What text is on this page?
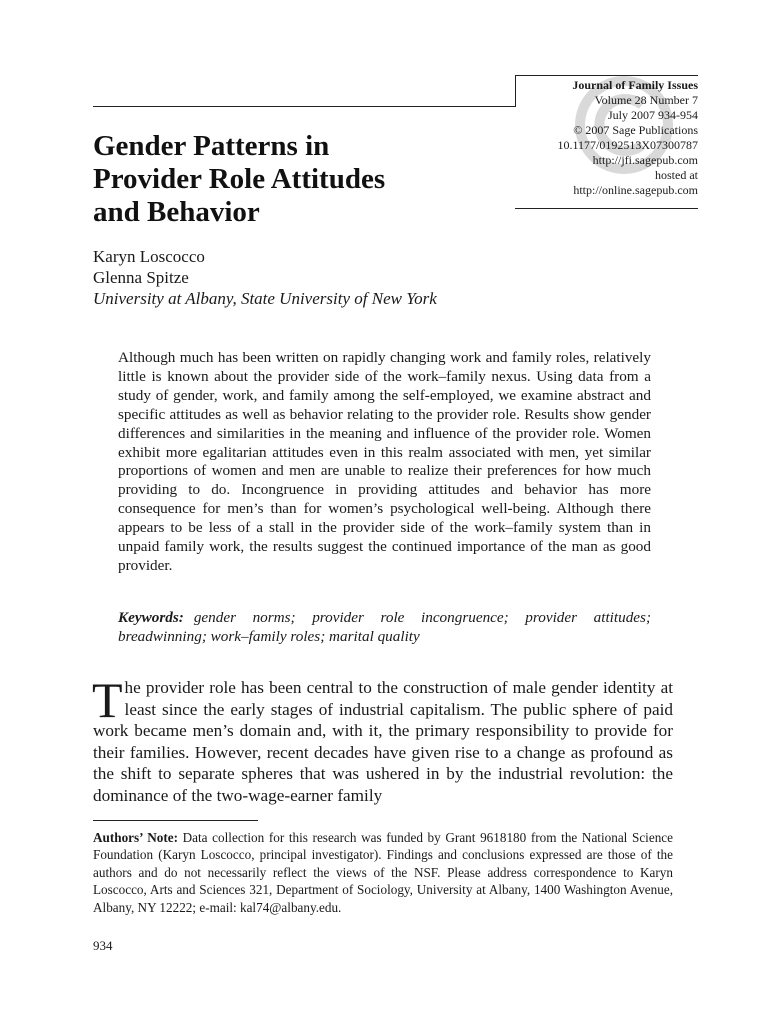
Journal of Family Issues
Volume 28 Number 7
July 2007 934-954
© 2007 Sage Publications
10.1177/0192513X07300787
http://jfi.sagepub.com
hosted at
http://online.sagepub.com
Gender Patterns in
Provider Role Attitudes
and Behavior
Karyn Loscocco
Glenna Spitze
University at Albany, State University of New York

Although much has been written on rapidly changing work and family roles, relatively little is known about the provider side of the work–family nexus. Using data from a study of gender, work, and family among the self-employed, we examine abstract and specific attitudes as well as behavior relating to the provider role. Results show gender differences and similarities in the meaning and influence of the provider role. Women exhibit more egalitarian attitudes even in this realm associated with men, yet similar proportions of women and men are unable to realize their preferences for how much providing to do. Incongruence in providing attitudes and behavior has more consequence for men’s than for women’s psychological well-being. Although there appears to be less of a stall in the provider side of the work–family system than in unpaid family work, the results suggest the continued importance of the man as good provider.

Keywords: gender norms; provider role incongruence; provider attitudes; breadwinning; work–family roles; marital quality

The provider role has been central to the construction of male gender identity at least since the early stages of industrial capitalism. The public sphere of paid work became men’s domain and, with it, the primary responsibility to provide for their families. However, recent decades have given rise to a change as profound as the shift to separate spheres that was ushered in by the industrial revolution: the dominance of the two-wage-earner family

Authors’ Note: Data collection for this research was funded by Grant 9618180 from the National Science Foundation (Karyn Loscocco, principal investigator). Findings and conclusions expressed are those of the authors and do not necessarily reflect the views of the NSF. Please address correspondence to Karyn Loscocco, Arts and Sciences 321, Department of Sociology, University at Albany, 1400 Washington Avenue, Albany, NY 12222; e-mail: kal74@albany.edu.

934
